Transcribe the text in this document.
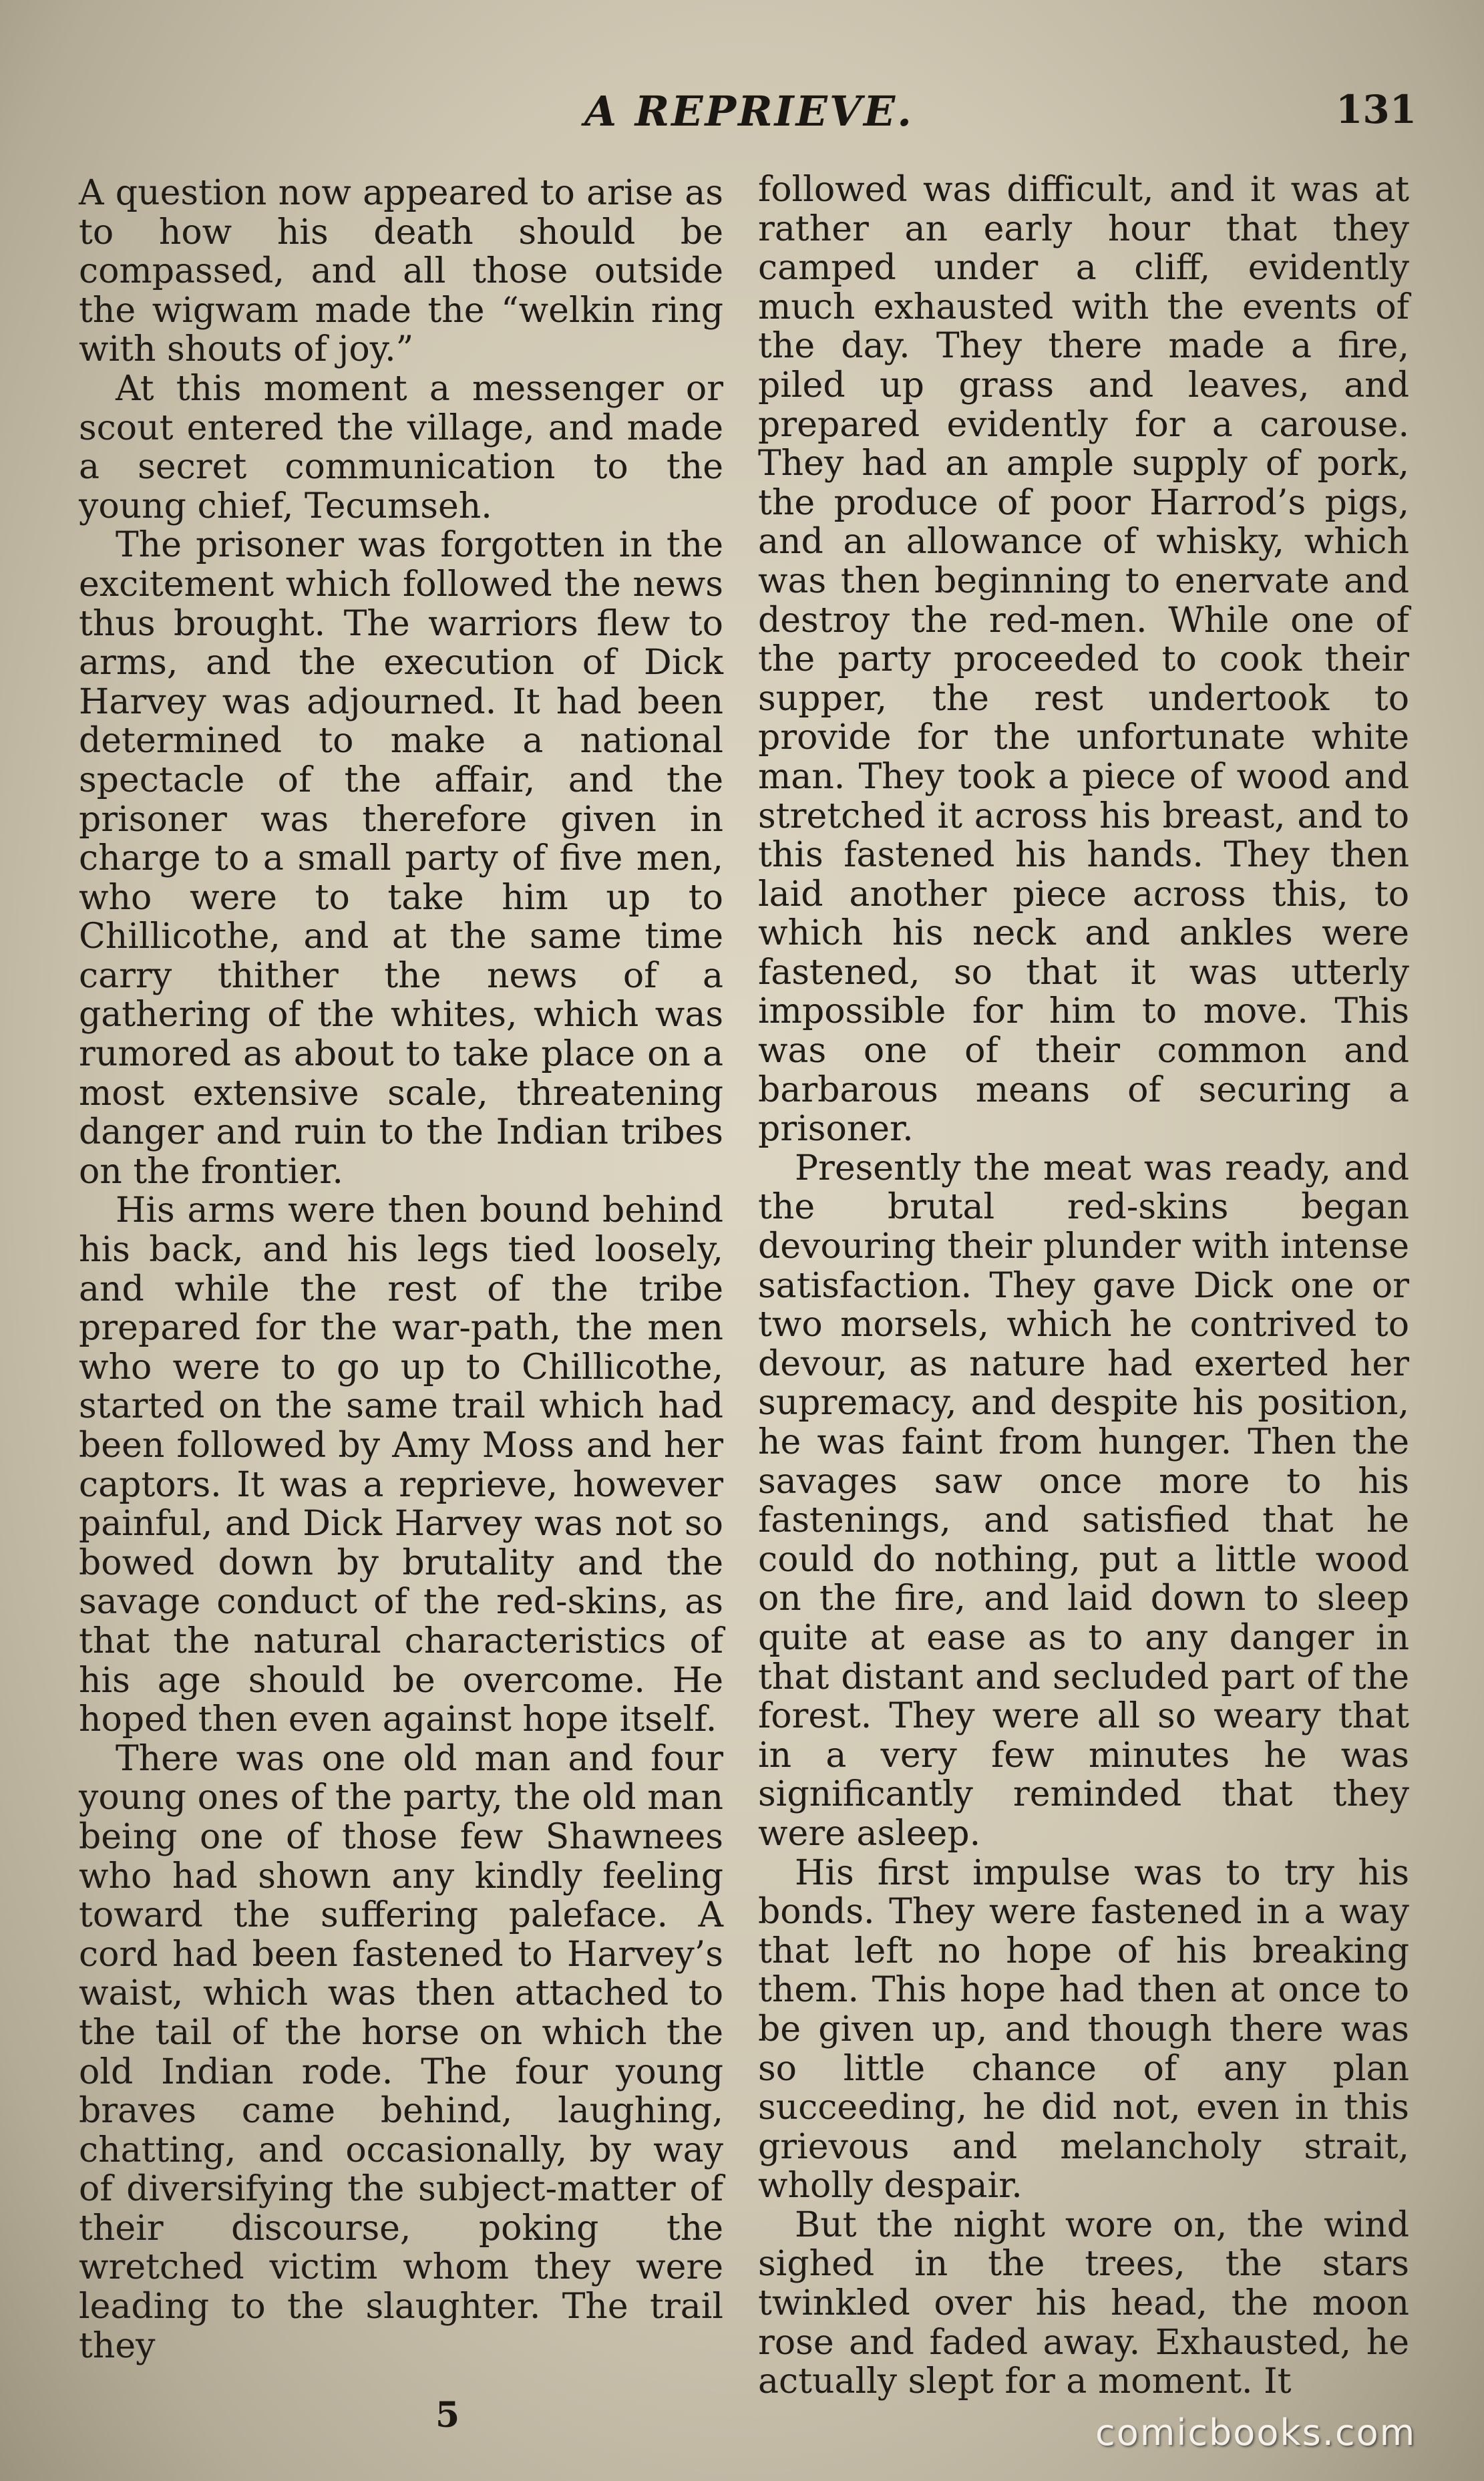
A REPRIEVE.	131

A question now appeared to arise as to how his death should be compassed, and all those outside the wigwam made the “welkin ring with shouts of joy.”

At this moment a messenger or scout entered the village, and made a secret communication to the young chief, Tecumseh.

The prisoner was forgotten in the excitement which followed the news thus brought. The warriors flew to arms, and the execution of Dick Harvey was adjourned. It had been determined to make a national spectacle of the affair, and the prisoner was therefore given in charge to a small party of five men, who were to take him up to Chillicothe, and at the same time carry thither the news of a gathering of the whites, which was rumored as about to take place on a most extensive scale, threatening danger and ruin to the Indian tribes on the frontier.

His arms were then bound behind his back, and his legs tied loosely, and while the rest of the tribe prepared for the war-path, the men who were to go up to Chillicothe, started on the same trail which had been followed by Amy Moss and her captors. It was a reprieve, however painful, and Dick Harvey was not so bowed down by brutality and the savage conduct of the red-skins, as that the natural characteristics of his age should be overcome. He hoped then even against hope itself.

There was one old man and four young ones of the party, the old man being one of those few Shawnees who had shown any kindly feeling toward the suffering paleface. A cord had been fastened to Harvey’s waist, which was then attached to the tail of the horse on which the old Indian rode. The four young braves came behind, laughing, chatting, and occasionally, by way of diversifying the subject-matter of their discourse, poking the wretched victim whom they were leading to the slaughter. The trail they

followed was difficult, and it was at rather an early hour that they camped under a cliff, evidently much exhausted with the events of the day. They there made a fire, piled up grass and leaves, and prepared evidently for a carouse. They had an ample supply of pork, the produce of poor Harrod’s pigs, and an allowance of whisky, which was then beginning to enervate and destroy the red-men. While one of the party proceeded to cook their supper, the rest undertook to provide for the unfortunate white man. They took a piece of wood and stretched it across his breast, and to this fastened his hands. They then laid another piece across this, to which his neck and ankles were fastened, so that it was utterly impossible for him to move. This was one of their common and barbarous means of securing a prisoner.

Presently the meat was ready, and the brutal red-skins began devouring their plunder with intense satisfaction. They gave Dick one or two morsels, which he contrived to devour, as nature had exerted her supremacy, and despite his position, he was faint from hunger. Then the savages saw once more to his fastenings, and satisfied that he could do nothing, put a little wood on the fire, and laid down to sleep quite at ease as to any danger in that distant and secluded part of the forest. They were all so weary that in a very few minutes he was significantly reminded that they were asleep.

His first impulse was to try his bonds. They were fastened in a way that left no hope of his breaking them. This hope had then at once to be given up, and though there was so little chance of any plan succeeding, he did not, even in this grievous and melancholy strait, wholly despair.

But the night wore on, the wind sighed in the trees, the stars twinkled over his head, the moon rose and faded away. Exhausted, he actually slept for a moment. It

5	comicbooks.com
